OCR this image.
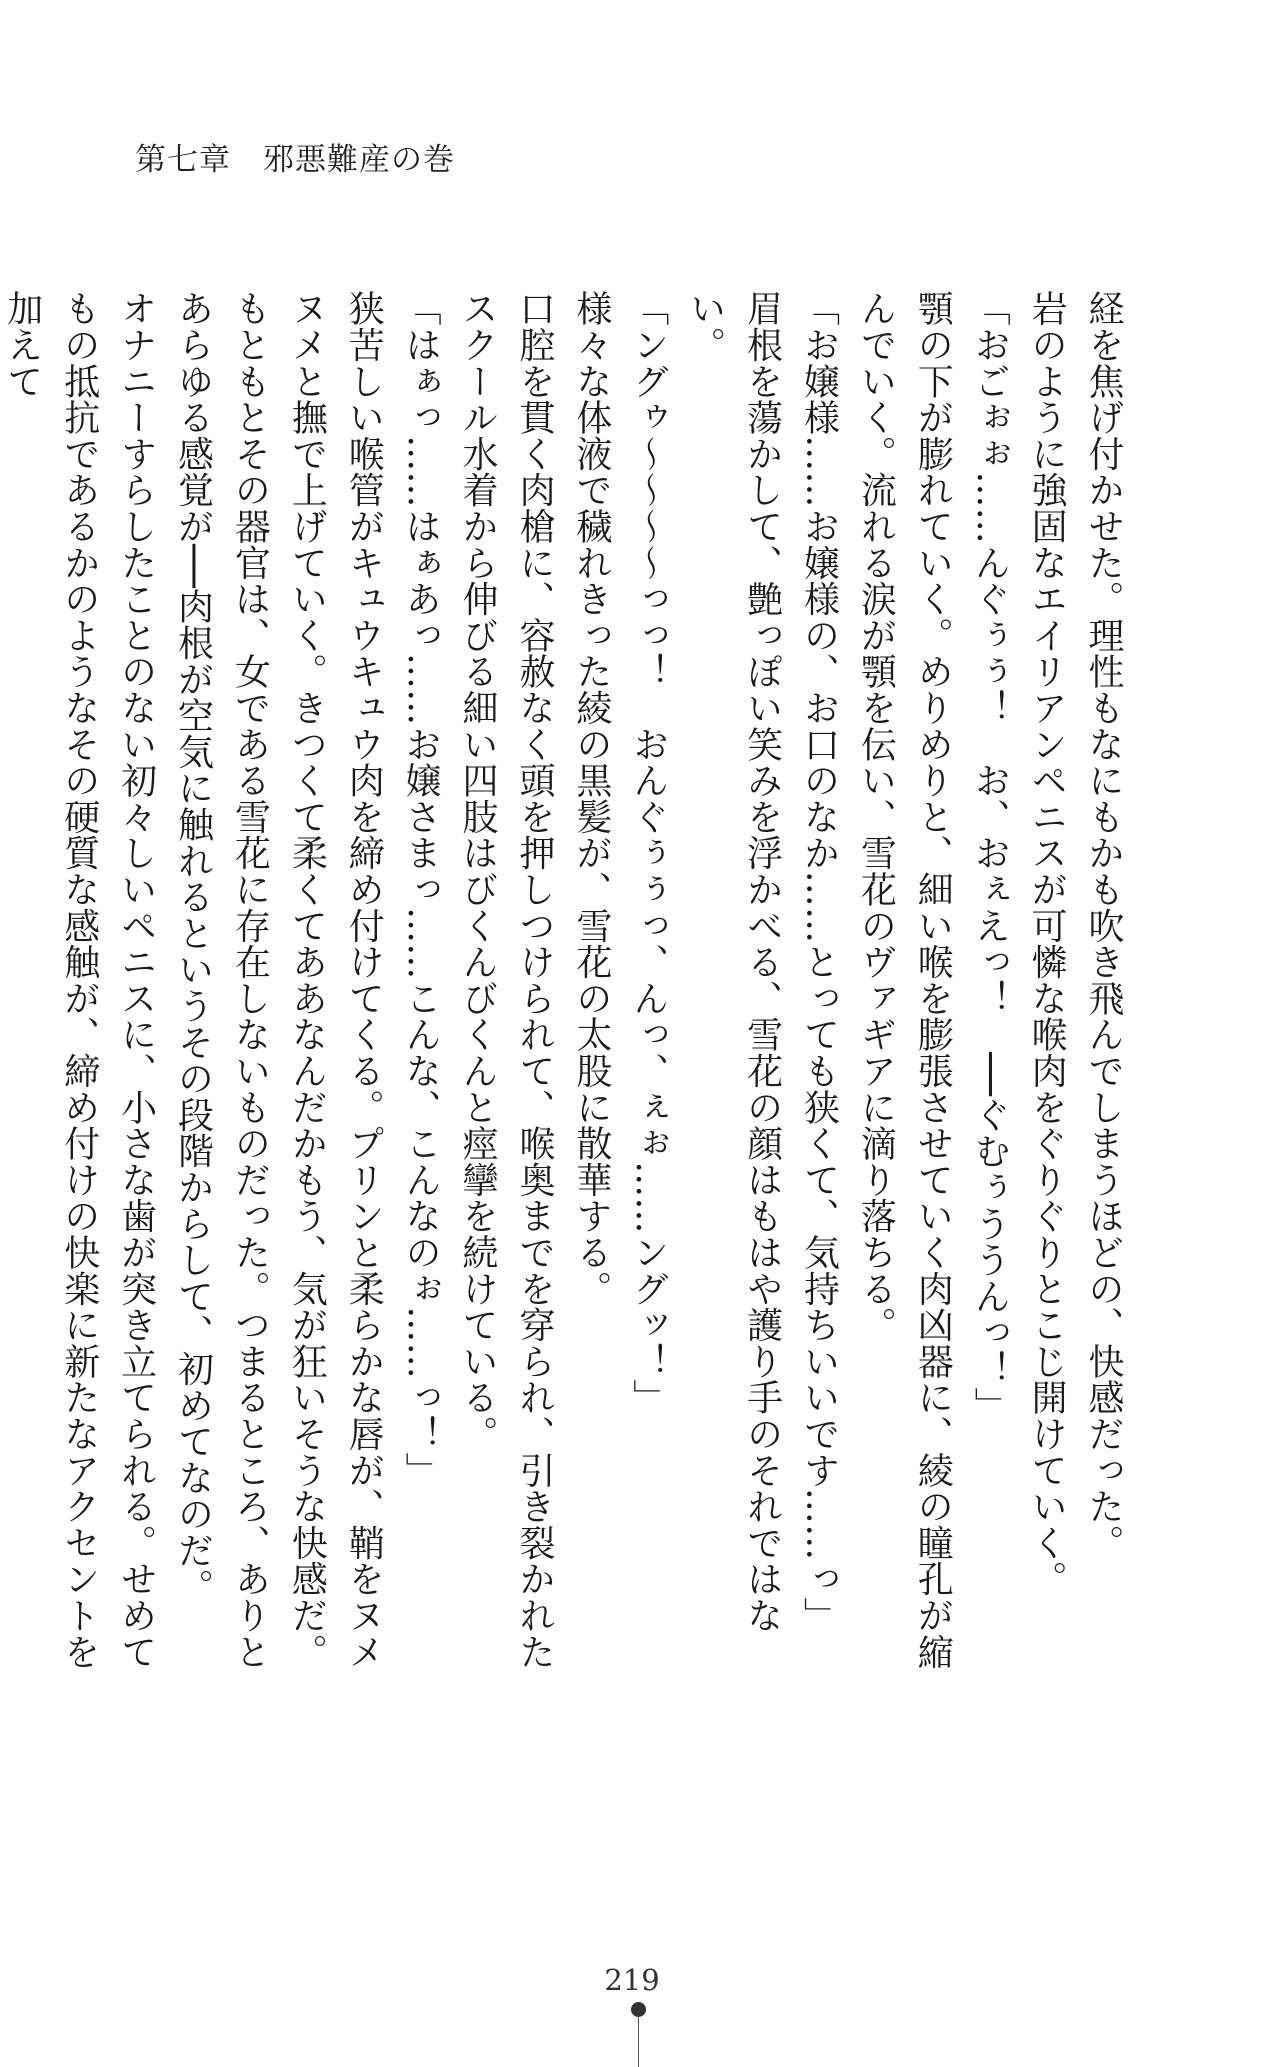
第七章　邪悪難産の巻

経を焦げ付かせた。理性もなにもかも吹き飛んでしまうほどの、快感だった。

岩のように強固なエイリアンペニスが可憐な喉肉をぐりぐりとこじ開けていく。

「おごぉぉ……んぐぅぅ！　お、おぇえっ！　──ぐむぅううんっ！」

顎の下が膨れていく。めりめりと、細い喉を膨張させていく肉凶器に、綾の瞳孔が縮んでいく。流れる涙が顎を伝い、雪花のヴァギアに滴り落ちる。

「お嬢様……お嬢様の、お口のなか……とっても狭くて、気持ちいいです……っ」

眉根を蕩かして、艶っぽい笑みを浮かべる、雪花の顔はもはや護り手のそれではない。

「ングゥ〜〜〜〜っっ！　おんぐぅぅっ、んっ、ぇぉ……ングッ！」

様々な体液で穢れきった綾の黒髪が、雪花の太股に散華する。

口腔を貫く肉槍に、容赦なく頭を押しつけられて、喉奥までを穿られ、引き裂かれたスクール水着から伸びる細い四肢はびくんびくんと痙攣を続けている。

「はぁっ……はぁあっ……お嬢さまっ……こんな、こんなのぉ……っ！」

狭苦しい喉管がキュウキュウ肉を締め付けてくる。プリンと柔らかな唇が、鞘をヌメヌメと撫で上げていく。きつくて柔くてああなんだかもう、気が狂いそうな快感だ。

もともとその器官は、女である雪花に存在しないものだった。つまるところ、ありとあらゆる感覚が──肉根が空気に触れるというその段階からして、初めてなのだ。

オナニーすらしたことのない初々しいペニスに、小さな歯が突き立てられる。せめてもの抵抗であるかのようなその硬質な感触が、締め付けの快楽に新たなアクセントを加えて

219
